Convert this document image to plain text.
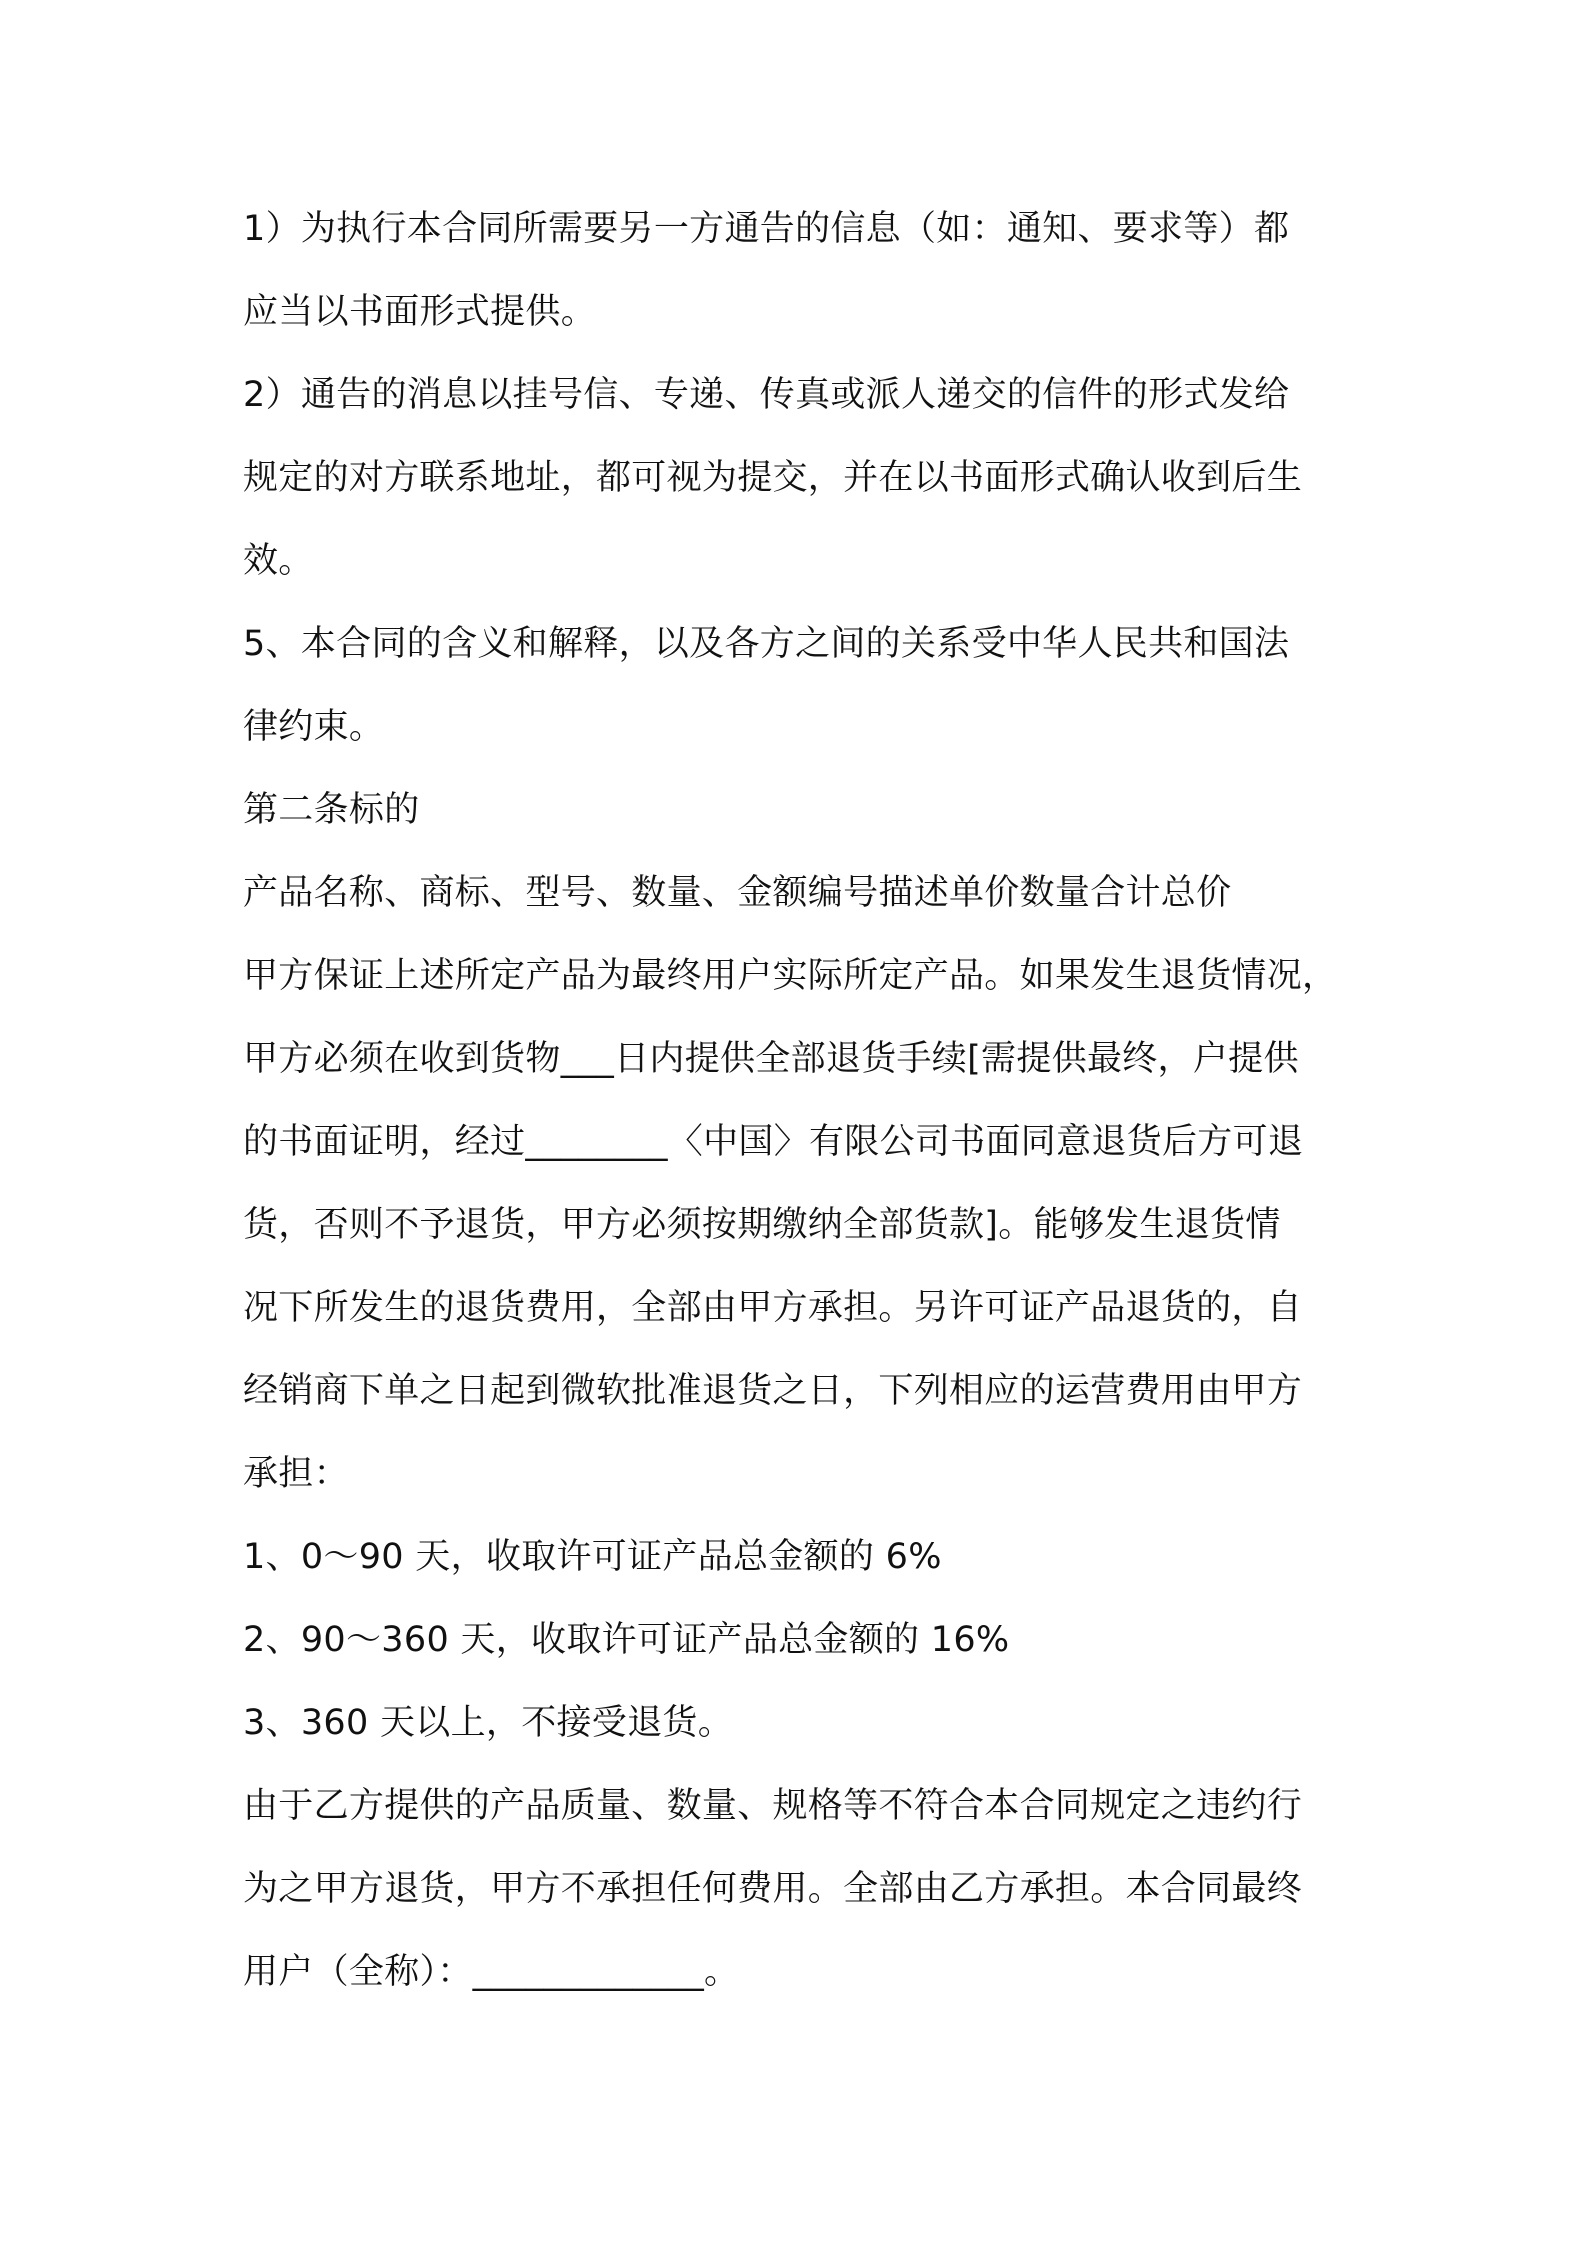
1）为执行本合同所需要另一方通告的信息（如：通知、要求等）都

应当以书面形式提供。

2）通告的消息以挂号信、专递、传真或派人递交的信件的形式发给

规定的对方联系地址，都可视为提交，并在以书面形式确认收到后生

效。

5、本合同的含义和解释，以及各方之间的关系受中华人民共和国法

律约束。

第二条标的

产品名称、商标、型号、数量、金额编号描述单价数量合计总价

甲方保证上述所定产品为最终用户实际所定产品。如果发生退货情况，

甲方必须在收到货物___日内提供全部退货手续[需提供最终，户提供

的书面证明，经过________〈中国〉有限公司书面同意退货后方可退

货，否则不予退货，甲方必须按期缴纳全部货款]。能够发生退货情

况下所发生的退货费用，全部由甲方承担。另许可证产品退货的，自

经销商下单之日起到微软批准退货之日，下列相应的运营费用由甲方

承担：

1、0～90 天，收取许可证产品总金额的 6%

2、90～360 天，收取许可证产品总金额的 16%

3、360 天以上，不接受退货。

由于乙方提供的产品质量、数量、规格等不符合本合同规定之违约行

为之甲方退货，甲方不承担任何费用。全部由乙方承担。本合同最终

用户（全称）：_____________。
